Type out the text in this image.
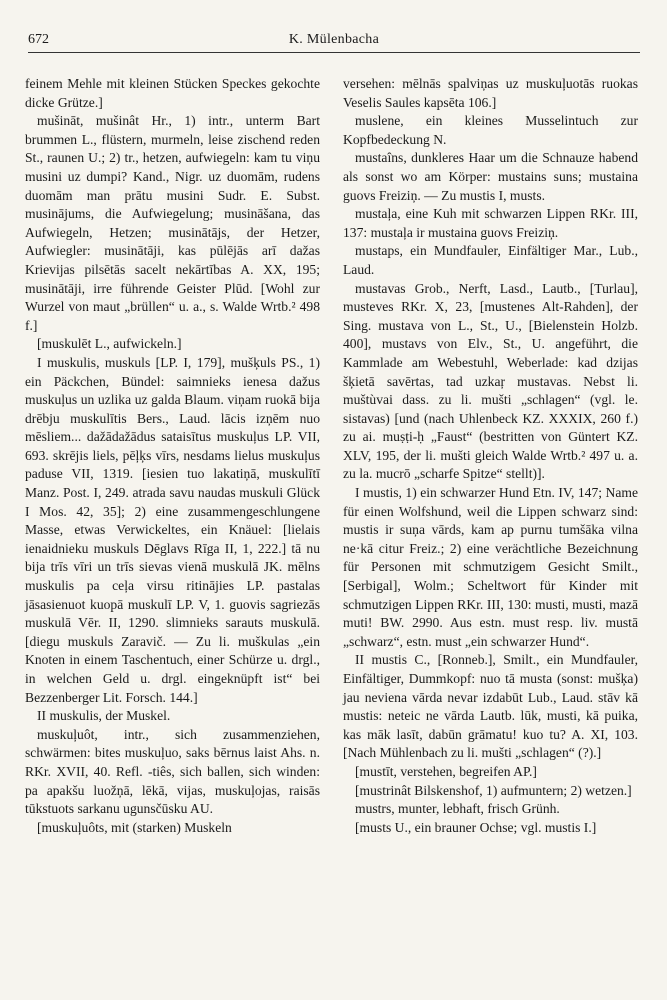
672	K. Mülenbacha

feinem Mehle mit kleinen Stücken Speckes gekochte dicke Grütze.]

mušināt, mušinât Hr., 1) intr., unterm Bart brummen L., flüstern, murmeln, leise zischend reden St., raunen U.; 2) tr., hetzen, aufwiegeln: kam tu viņu musini uz dumpi? Kand., Nigr. uz duomām, rudens duomām man prātu musini Sudr. E. Subst. musinājums, die Aufwiegelung; musināšana, das Aufwiegeln, Hetzen; musinātājs, der Hetzer, Aufwiegler: musinātāji, kas pūlējās arī dažas Krievijas pilsētās sacelt nekārtības A. XX, 195; musinātāji, irre führende Geister Plūd. [Wohl zur Wurzel von maut „brüllen“ u. a., s. Walde Wrtb.² 498 f.]

[muskulēt L., aufwickeln.]

I muskulis, muskuls [LP. I, 179], mušķuls PS., 1) ein Päckchen, Bündel: saimnieks ienesa dažus muskuļus un uzlika uz galda Blaum. viņam ruokā bija drēbju muskulītis Bers., Laud. lācis izņēm nuo mēsliem... dažādažādus sataisītus muskuļus LP. VII, 693. skrējis liels, pēļķs vīrs, nesdams lielus muskuļus paduse VII, 1319. [iesien tuo lakatiņā, muskulītī Manz. Post. I, 249. atrada savu naudas muskuli Glück I Mos. 42, 35]; 2) eine zusammengeschlungene Masse, etwas Verwickeltes, ein Knäuel: [lielais ienaidnieku muskuls Dēglavs Rīga II, 1, 222.] tā nu bija trīs vīri un trīs sievas vienā muskulā JK. mēlns muskulis pa ceļa virsu ritinājies LP. pastalas jāsasienuot kuopā muskulī LP. V, 1. guovis sagriezās muskulā Vēr. II, 1290. slimnieks sarauts muskulā. [diegu muskuls Zaravič. — Zu li. muškulas „ein Knoten in einem Taschentuch, einer Schürze u. drgl., in welchen Geld u. drgl. eingeknüpft ist“ bei Bezzenberger Lit. Forsch. 144.]

II muskulis, der Muskel.

muskuļuôt, intr., sich zusammenziehen, schwärmen: bites muskuļuo, saks bērnus laist Ahs. n. RKr. XVII, 40. Refl. -tiês, sich ballen, sich winden: pa apakšu luožņā, lēkā, vijas, muskuļojas, raisās tūkstuots sarkanu ugunsčūsku AU.

[muskuļuôts, mit (starken) Muskeln

versehen: mēlnās spalviņas uz muskuļuotās ruokas Veselis Saules kapsēta 106.]

muslene, ein kleines Musselintuch zur Kopfbedeckung N.

mustaîns, dunkleres Haar um die Schnauze habend als sonst wo am Körper: mustains suns; mustaina guovs Freiziņ. — Zu mustis I, musts.

mustaļa, eine Kuh mit schwarzen Lippen RKr. III, 137: mustaļa ir mustaina guovs Freiziņ.

mustaps, ein Mundfauler, Einfältiger Mar., Lub., Laud.

mustavas Grob., Nerft, Lasd., Lautb., [Turlau], musteves RKr. X, 23, [mustenes Alt-Rahden], der Sing. mustava von L., St., U., [Bielenstein Holzb. 400], mustavs von Elv., St., U. angeführt, die Kammlade am Webestuhl, Weberlade: kad dzijas šķietā savērtas, tad uzkaŗ mustavas. Nebst li. muštùvai dass. zu li. mušti „schlagen“ (vgl. le. sistavas) [und (nach Uhlenbeck KZ. XXXIX, 260 f.) zu ai. muṣṭi-ḥ „Faust“ (bestritten von Güntert KZ. XLV, 195, der li. mušti gleich Walde Wrtb.² 497 u. a. zu la. mucrō „scharfe Spitze“ stellt)].

I mustis, 1) ein schwarzer Hund Etn. IV, 147; Name für einen Wolfshund, weil die Lippen schwarz sind: mustis ir suņa vārds, kam ap purnu tumšāka vilna ne·kā citur Freiz.; 2) eine verächtliche Bezeichnung für Personen mit schmutzigem Gesicht Smilt., [Serbigal], Wolm.; Scheltwort für Kinder mit schmutzigen Lippen RKr. III, 130: musti, musti, mazā muti! BW. 2990. Aus estn. must resp. liv. mustā „schwarz“, estn. must „ein schwarzer Hund“.

II mustis C., [Ronneb.], Smilt., ein Mundfauler, Einfältiger, Dummkopf: nuo tā musta (sonst: mušķa) jau neviena vārda nevar izdabūt Lub., Laud. stāv kā mustis: neteic ne vārda Lautb. lūk, musti, kā puika, kas māk lasīt, dabūn grāmatu! kuo tu? A. XI, 103. [Nach Mühlenbach zu li. mušti „schlagen“ (?).]

[mustīt, verstehen, begreifen AP.]

[mustrinât Bilskenshof, 1) aufmuntern; 2) wetzen.]

mustrs, munter, lebhaft, frisch Grünh.

[musts U., ein brauner Ochse; vgl. mustis I.]
